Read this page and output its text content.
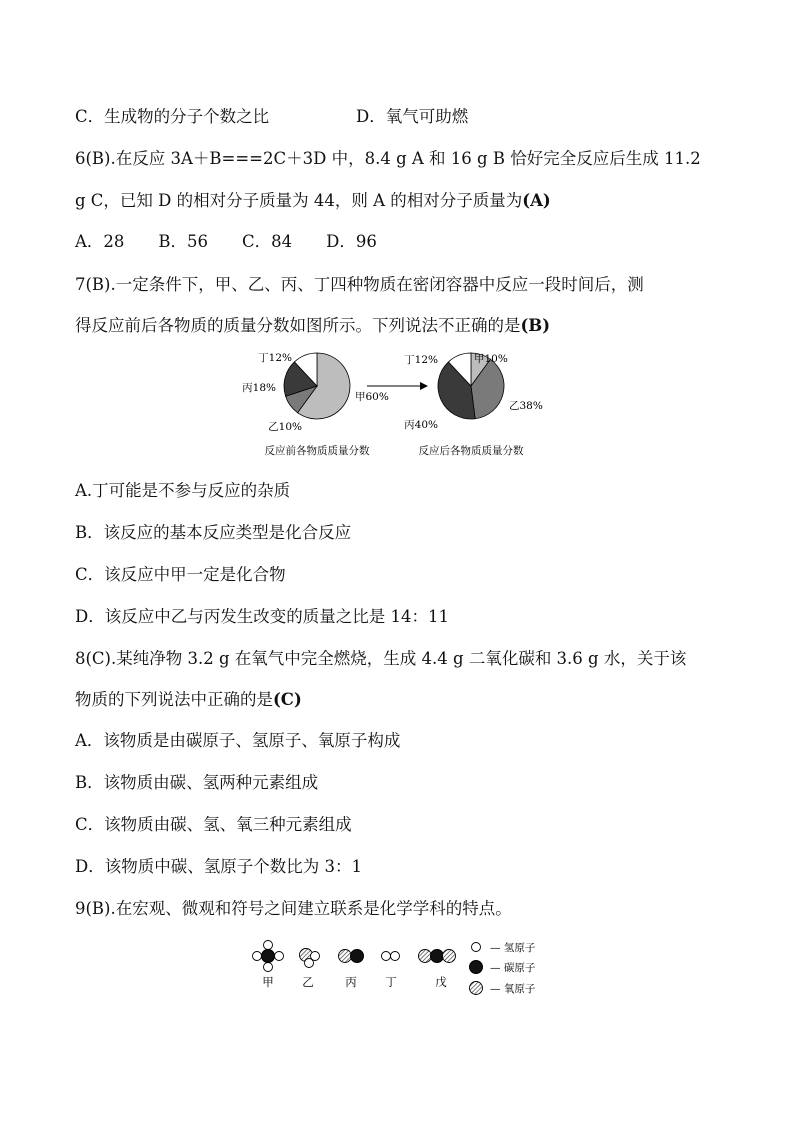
C．生成物的分子个数之比	D．氧气可助燃
6(B).在反应 3A＋B===2C＋3D 中，8.4 g A 和 16 g B 恰好完全反应后生成 11.2
g C，已知 D 的相对分子质量为 44，则 A 的相对分子质量为(A)
A．28 B．56 C．84 D．96
7(B).一定条件下，甲、乙、丙、丁四种物质在密闭容器中反应一段时间后，测
得反应前后各物质的质量分数如图所示。下列说法不正确的是(B)
甲60%
乙10%
丙18%
丁12%	甲10%
乙38%
丙40%
丁12%
反应前各物质质量分数	反应后各物质质量分数
A.丁可能是不参与反应的杂质
B．该反应的基本反应类型是化合反应
C．该反应中甲一定是化合物
D．该反应中乙与丙发生改变的质量之比是 14：11
8(C).某纯净物 3.2 g 在氧气中完全燃烧，生成 4.4 g 二氧化碳和 3.6 g 水，关于该
物质的下列说法中正确的是(C)
A．该物质是由碳原子、氢原子、氧原子构成
B．该物质由碳、氢两种元素组成
C．该物质由碳、氢、氧三种元素组成
D．该物质中碳、氢原子个数比为 3：1
9(B).在宏观、微观和符号之间建立联系是化学学科的特点。
甲 乙	丙 丁	戊
— 氢原子
— 碳原子
— 氧原子
